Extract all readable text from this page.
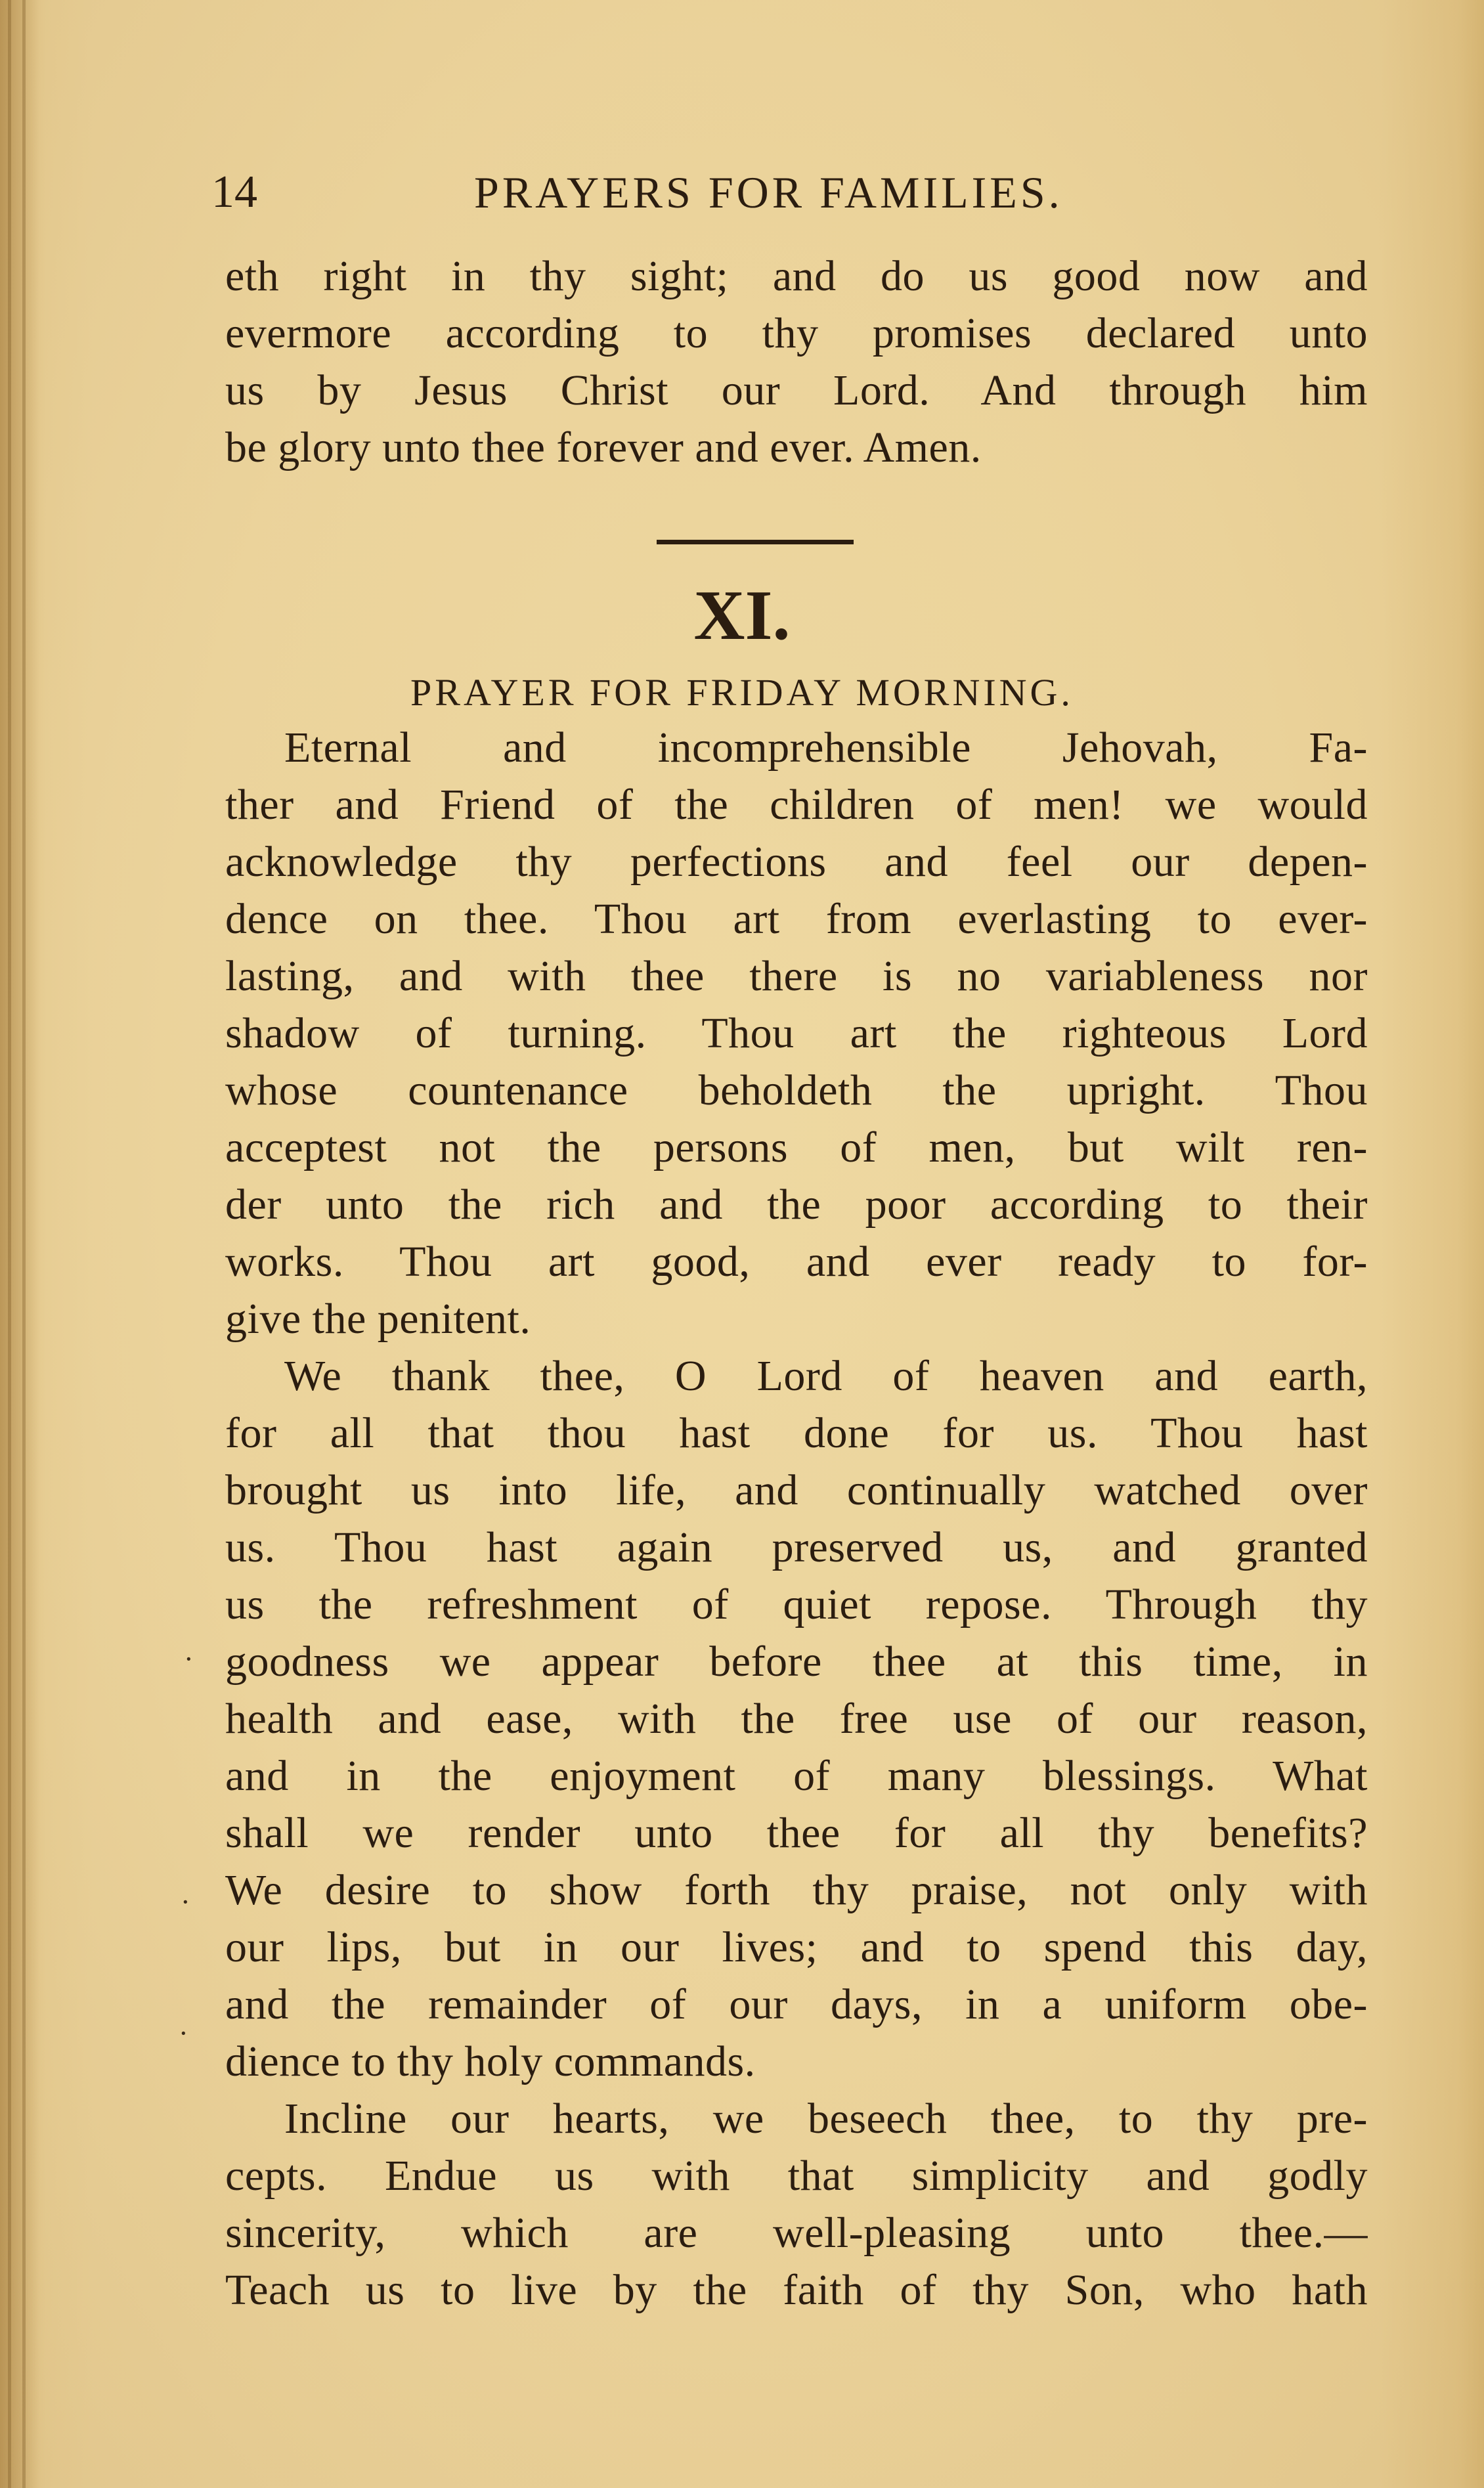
14	PRAYERS FOR FAMILIES.
eth right in thy sight; and do us good now and
evermore according to thy promises declared unto
us by Jesus Christ our Lord. And through him
be glory unto thee forever and ever. Amen.
XI.
PRAYER FOR FRIDAY MORNING.
Eternal and incomprehensible Jehovah, Fa-
ther and Friend of the children of men! we would
acknowledge thy perfections and feel our depen-
dence on thee. Thou art from everlasting to ever-
lasting, and with thee there is no variableness nor
shadow of turning. Thou art the righteous Lord
whose countenance beholdeth the upright. Thou
acceptest not the persons of men, but wilt ren-
der unto the rich and the poor according to their
works. Thou art good, and ever ready to for-
give the penitent.
We thank thee, O Lord of heaven and earth,
for all that thou hast done for us. Thou hast
brought us into life, and continually watched over
us. Thou hast again preserved us, and granted
us the refreshment of quiet repose. Through thy
goodness we appear before thee at this time, in
health and ease, with the free use of our reason,
and in the enjoyment of many blessings. What
shall we render unto thee for all thy benefits?
We desire to show forth thy praise, not only with
our lips, but in our lives; and to spend this day,
and the remainder of our days, in a uniform obe-
dience to thy holy commands.
Incline our hearts, we beseech thee, to thy pre-
cepts. Endue us with that simplicity and godly
sincerity, which are well-pleasing unto thee.—
Teach us to live by the faith of thy Son, who hath
·
·
·
